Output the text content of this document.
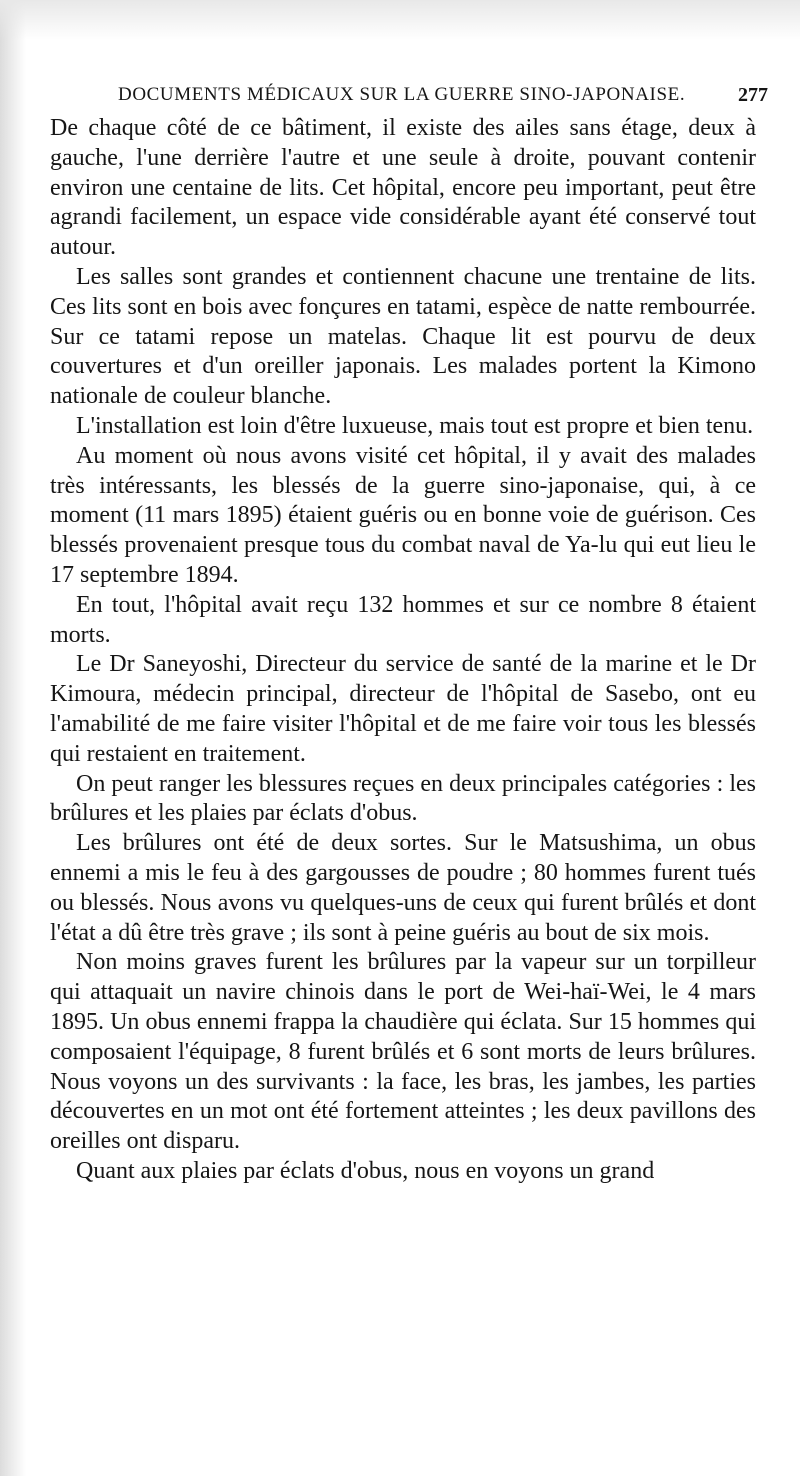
DOCUMENTS MÉDICAUX SUR LA GUERRE SINO-JAPONAISE.	277

De chaque côté de ce bâtiment, il existe des ailes sans étage, deux à gauche, l'une derrière l'autre et une seule à droite, pouvant contenir environ une centaine de lits. Cet hôpital, encore peu important, peut être agrandi facilement, un espace vide considérable ayant été conservé tout autour.

Les salles sont grandes et contiennent chacune une trentaine de lits. Ces lits sont en bois avec fonçures en tatami, espèce de natte rembourrée. Sur ce tatami repose un matelas. Chaque lit est pourvu de deux couvertures et d'un oreiller japonais. Les malades portent la Kimono nationale de couleur blanche.

L'installation est loin d'être luxueuse, mais tout est propre et bien tenu.

Au moment où nous avons visité cet hôpital, il y avait des malades très intéressants, les blessés de la guerre sino-japonaise, qui, à ce moment (11 mars 1895) étaient guéris ou en bonne voie de guérison. Ces blessés provenaient presque tous du combat naval de Ya-lu qui eut lieu le 17 septembre 1894.

En tout, l'hôpital avait reçu 132 hommes et sur ce nombre 8 étaient morts.

Le Dr Saneyoshi, Directeur du service de santé de la marine et le Dr Kimoura, médecin principal, directeur de l'hôpital de Sasebo, ont eu l'amabilité de me faire visiter l'hôpital et de me faire voir tous les blessés qui restaient en traitement.

On peut ranger les blessures reçues en deux principales catégories : les brûlures et les plaies par éclats d'obus.

Les brûlures ont été de deux sortes. Sur le Matsushima, un obus ennemi a mis le feu à des gargousses de poudre ; 80 hommes furent tués ou blessés. Nous avons vu quelques-uns de ceux qui furent brûlés et dont l'état a dû être très grave ; ils sont à peine guéris au bout de six mois.

Non moins graves furent les brûlures par la vapeur sur un torpilleur qui attaquait un navire chinois dans le port de Wei-haï-Wei, le 4 mars 1895. Un obus ennemi frappa la chaudière qui éclata. Sur 15 hommes qui composaient l'équipage, 8 furent brûlés et 6 sont morts de leurs brûlures. Nous voyons un des survivants : la face, les bras, les jambes, les parties découvertes en un mot ont été fortement atteintes ; les deux pavillons des oreilles ont disparu.

Quant aux plaies par éclats d'obus, nous en voyons un grand
